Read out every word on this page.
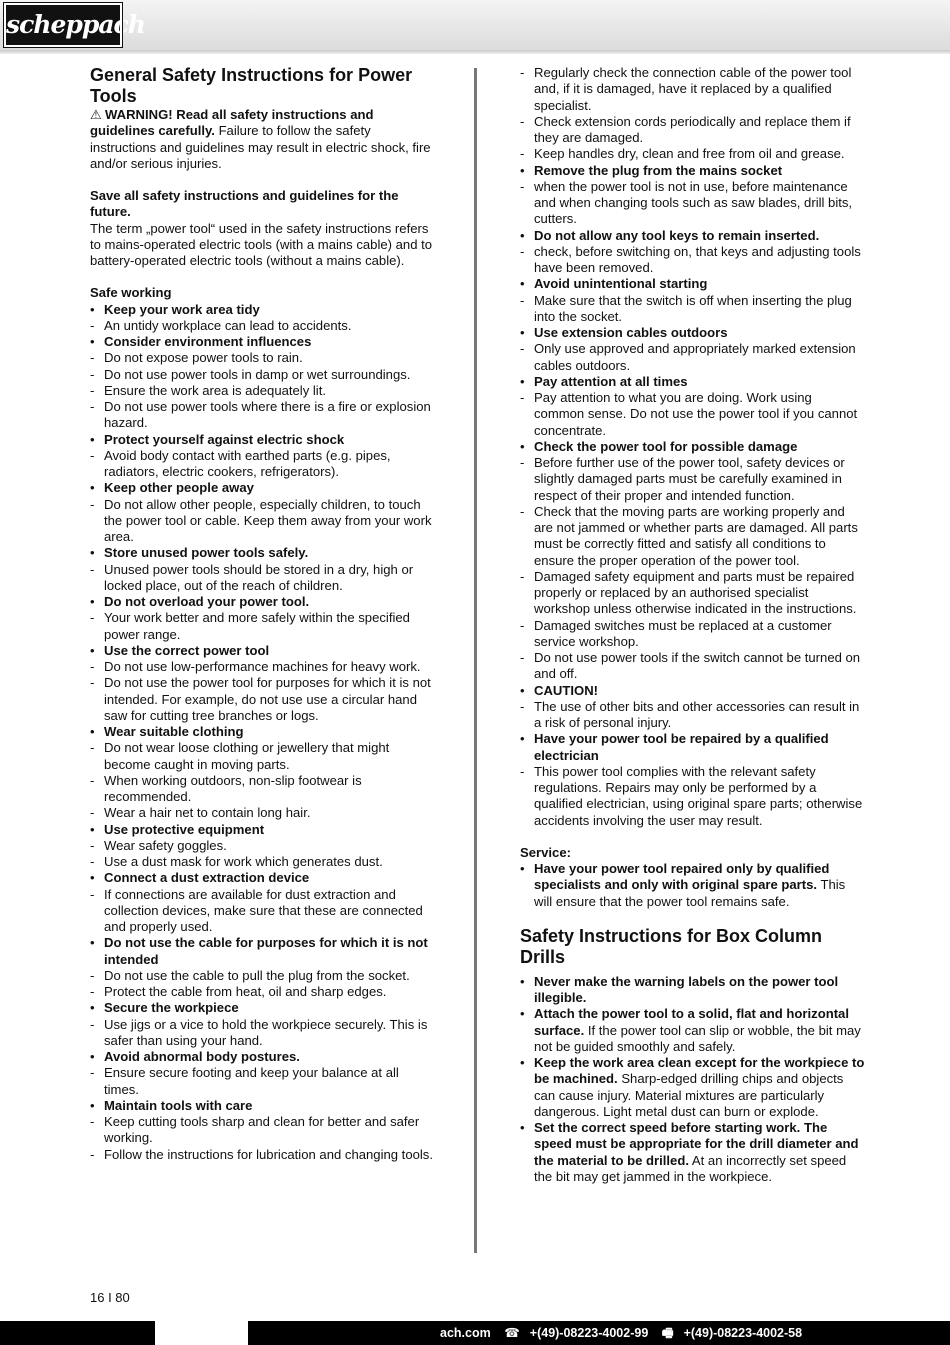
scheppach
General Safety Instructions for Power Tools

⚠ WARNING! Read all safety instructions and guidelines carefully. Failure to follow the safety instructions and guidelines may result in electric shock, fire and/or serious injuries.

Save all safety instructions and guidelines for the future.

The term „power tool“ used in the safety instructions refers to mains-operated electric tools (with a mains cable) and to battery-operated electric tools (without a mains cable).

Safe working

• Keep your work area tidy
- An untidy workplace can lead to accidents.
• Consider environment influences
- Do not expose power tools to rain.
- Do not use power tools in damp or wet surroundings.
- Ensure the work area is adequately lit.
- Do not use power tools where there is a fire or explosion hazard.
• Protect yourself against electric shock
- Avoid body contact with earthed parts (e.g. pipes, radiators, electric cookers, refrigerators).
• Keep other people away
- Do not allow other people, especially children, to touch the power tool or cable. Keep them away from your work area.
• Store unused power tools safely.
- Unused power tools should be stored in a dry, high or locked place, out of the reach of children.
• Do not overload your power tool.
- Your work better and more safely within the specified power range.
• Use the correct power tool
- Do not use low-performance machines for heavy work.
- Do not use the power tool for purposes for which it is not intended. For example, do not use use a circular hand saw for cutting tree branches or logs.
• Wear suitable clothing
- Do not wear loose clothing or jewellery that might become caught in moving parts.
- When working outdoors, non-slip footwear is recommended.
- Wear a hair net to contain long hair.
• Use protective equipment
- Wear safety goggles.
- Use a dust mask for work which generates dust.
• Connect a dust extraction device
- If connections are available for dust extraction and collection devices, make sure that these are connected and properly used.
• Do not use the cable for purposes for which it is not intended
- Do not use the cable to pull the plug from the socket.
- Protect the cable from heat, oil and sharp edges.
• Secure the workpiece
- Use jigs or a vice to hold the workpiece securely. This is safer than using your hand.
• Avoid abnormal body postures.
- Ensure secure footing and keep your balance at all times.
• Maintain tools with care
- Keep cutting tools sharp and clean for better and safer working.
- Follow the instructions for lubrication and changing tools.
- Regularly check the connection cable of the power tool and, if it is damaged, have it replaced by a qualified specialist.
- Check extension cords periodically and replace them if they are damaged.
- Keep handles dry, clean and free from oil and grease.
• Remove the plug from the mains socket
- when the power tool is not in use, before maintenance and when changing tools such as saw blades, drill bits, cutters.
• Do not allow any tool keys to remain inserted.
- check, before switching on, that keys and adjusting tools have been removed.
• Avoid unintentional starting
- Make sure that the switch is off when inserting the plug into the socket.
• Use extension cables outdoors
- Only use approved and appropriately marked extension cables outdoors.
• Pay attention at all times
- Pay attention to what you are doing. Work using common sense. Do not use the power tool if you cannot concentrate.
• Check the power tool for possible damage
- Before further use of the power tool, safety devices or slightly damaged parts must be carefully examined in respect of their proper and intended function.
- Check that the moving parts are working properly and are not jammed or whether parts are damaged. All parts must be correctly fitted and satisfy all conditions to ensure the proper operation of the power tool.
- Damaged safety equipment and parts must be repaired properly or replaced by an authorised specialist workshop unless otherwise indicated in the instructions.
- Damaged switches must be replaced at a customer service workshop.
- Do not use power tools if the switch cannot be turned on and off.
• CAUTION!
- The use of other bits and other accessories can result in a risk of personal injury.
• Have your power tool be repaired by a qualified electrician
- This power tool complies with the relevant safety regulations. Repairs may only be performed by a qualified electrician, using original spare parts; otherwise accidents involving the user may result.

Service:

• Have your power tool repaired only by qualified specialists and only with original spare parts. This will ensure that the power tool remains safe.
Safety Instructions for Box Column Drills
• Never make the warning labels on the power tool illegible.
• Attach the power tool to a solid, flat and horizontal surface. If the power tool can slip or wobble, the bit may not be guided smoothly and safely.
• Keep the work area clean except for the workpiece to be machined. Sharp-edged drilling chips and objects can cause injury. Material mixtures are particularly dangerous. Light metal dust can burn or explode.
• Set the correct speed before starting work. The speed must be appropriate for the drill diameter and the material to be drilled. At an incorrectly set speed the bit may get jammed in the workpiece.
16 I 80
ach.com ☎ +(49)-08223-4002-99 🖷 +(49)-08223-4002-58
